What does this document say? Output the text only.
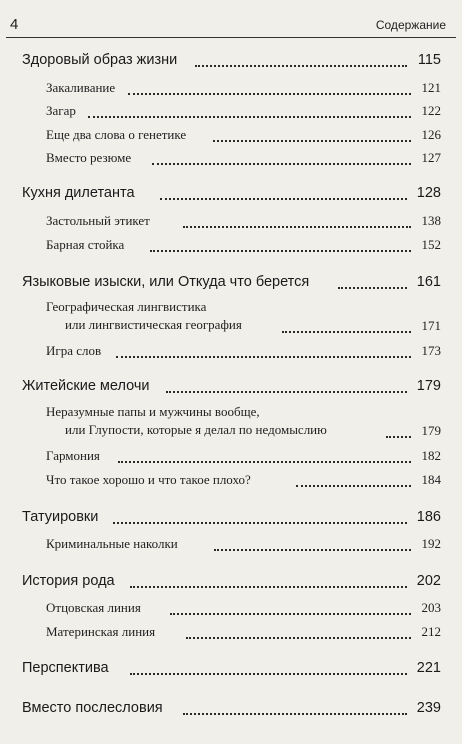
4	Содержание
Здоровый образ жизни	115
Закаливание	121
Загар	122
Еще два слова о генетике	126
Вместо резюме	127
Кухня дилетанта	128
Застольный этикет	138
Барная стойка	152
Языковые изыски, или Откуда что берется	161
Географическая лингвистика
или лингвистическая география	171
Игра слов	173
Житейские мелочи	179
Неразумные папы и мужчины вообще,
или Глупости, которые я делал по недомыслию	179
Гармония	182
Что такое хорошо и что такое плохо?	184
Татуировки	186
Криминальные наколки	192
История рода	202
Отцовская линия	203
Материнская линия	212
Перспектива	221
Вместо послесловия	239
